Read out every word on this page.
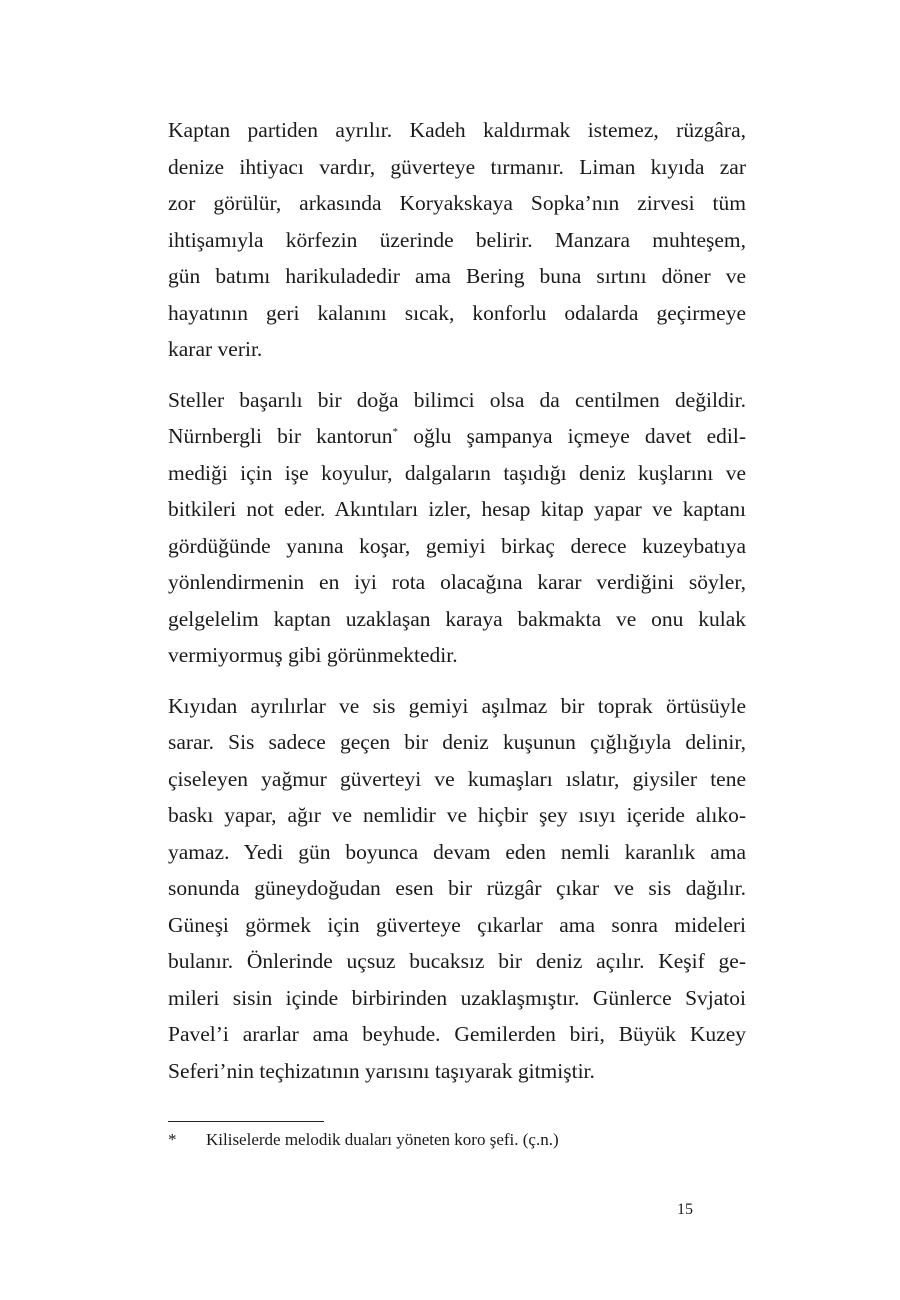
Kaptan partiden ayrılır. Kadeh kaldırmak istemez, rüzgâra,
denize ihtiyacı vardır, güverteye tırmanır. Liman kıyıda zar
zor görülür, arkasında Koryakskaya Sopka’nın zirvesi tüm
ihtişamıyla körfezin üzerinde belirir. Manzara muhteşem,
gün batımı harikuladedir ama Bering buna sırtını döner ve
hayatının geri kalanını sıcak, konforlu odalarda geçirmeye
karar verir.
Steller başarılı bir doğa bilimci olsa da centilmen değildir.
Nürnbergli bir kantorun* oğlu şampanya içmeye davet edil-
mediği için işe koyulur, dalgaların taşıdığı deniz kuşlarını ve
bitkileri not eder. Akıntıları izler, hesap kitap yapar ve kaptanı
gördüğünde yanına koşar, gemiyi birkaç derece kuzeybatıya
yönlendirmenin en iyi rota olacağına karar verdiğini söyler,
gelgelelim kaptan uzaklaşan karaya bakmakta ve onu kulak
vermiyormuş gibi görünmektedir.
Kıyıdan ayrılırlar ve sis gemiyi aşılmaz bir toprak örtüsüyle
sarar. Sis sadece geçen bir deniz kuşunun çığlığıyla delinir,
çiseleyen yağmur güverteyi ve kumaşları ıslatır, giysiler tene
baskı yapar, ağır ve nemlidir ve hiçbir şey ısıyı içeride alıko-
yamaz. Yedi gün boyunca devam eden nemli karanlık ama
sonunda güneydoğudan esen bir rüzgâr çıkar ve sis dağılır.
Güneşi görmek için güverteye çıkarlar ama sonra mideleri
bulanır. Önlerinde uçsuz bucaksız bir deniz açılır. Keşif ge-
mileri sisin içinde birbirinden uzaklaşmıştır. Günlerce Svjatoi
Pavel’i ararlar ama beyhude. Gemilerden biri, Büyük Kuzey
Seferi’nin teçhizatının yarısını taşıyarak gitmiştir.
* Kiliselerde melodik duaları yöneten koro şefi. (ç.n.)
15
